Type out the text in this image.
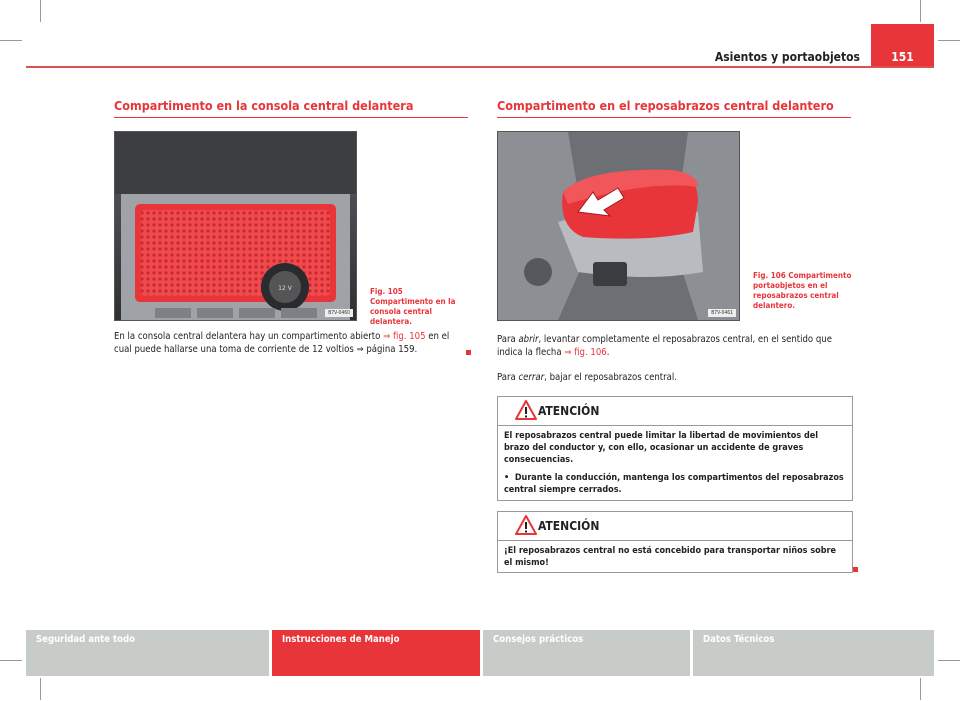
Asientos y portaobjetos	151
Compartimento en la consola central delantera
12 V
B7V-0460
Fig. 105 Compartimento en la consola central delantera.
En la consola central delantera hay un compartimento abierto ⇒ fig. 105 en el cual puede hallarse una toma de corriente de 12 voltios ⇒ página 159.
Compartimento en el reposabrazos central delantero
B7V-0461
Fig. 106 Compartimento portaobjetos en el reposabrazos central delantero.
Para abrir, levantar completamente el reposabrazos central, en el sentido que indica la flecha ⇒ fig. 106.
Para cerrar, bajar el reposabrazos central.
ATENCIÓN

El reposabrazos central puede limitar la libertad de movimientos del brazo del conductor y, con ello, ocasionar un accidente de graves consecuencias.

• Durante la conducción, mantenga los compartimentos del reposabrazos central siempre cerrados.

ATENCIÓN

¡El reposabrazos central no está concebido para transportar niños sobre el mismo!

Seguridad ante todo	Instrucciones de Manejo	Consejos prácticos	Datos Técnicos
